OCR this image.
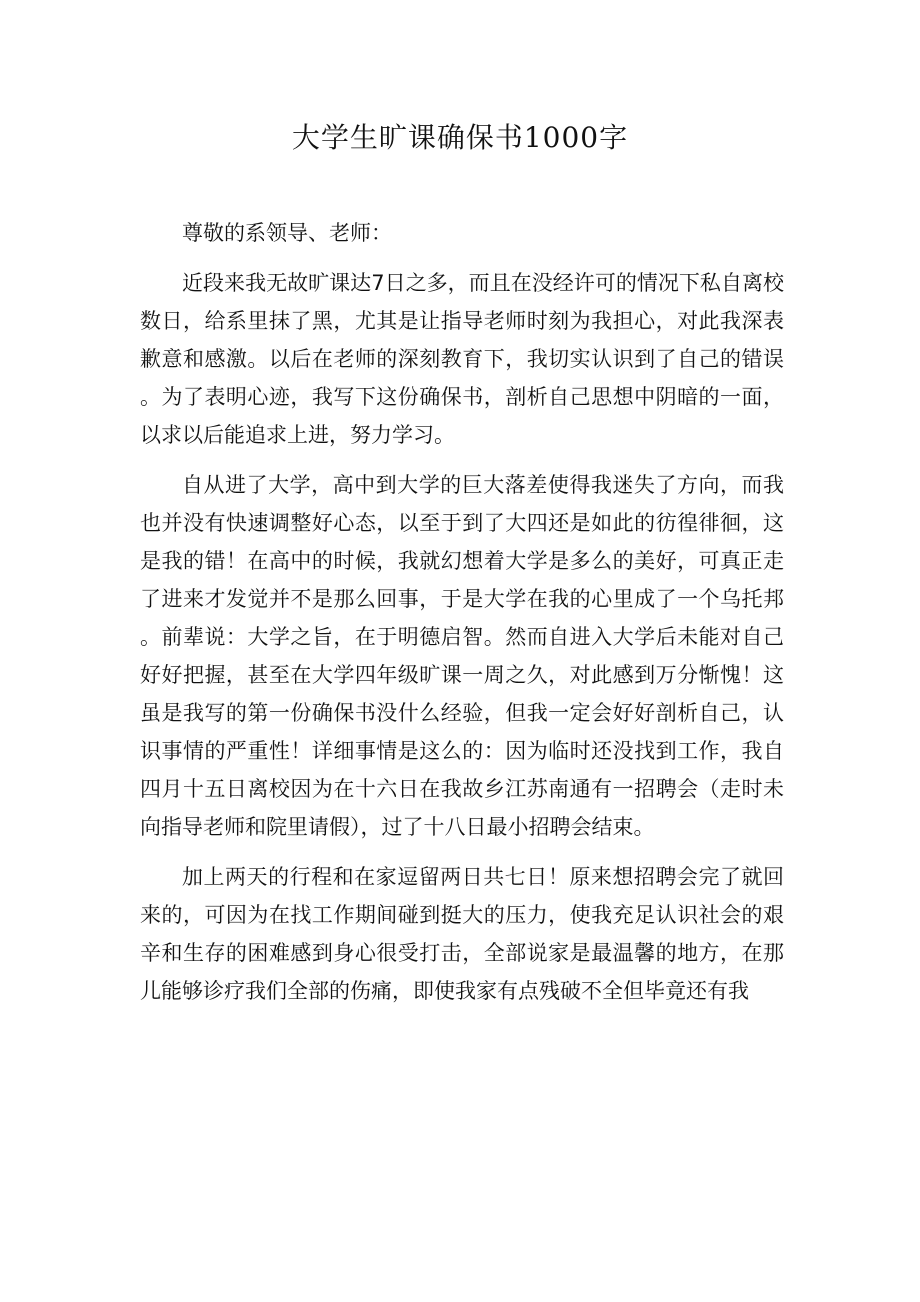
大学生旷课确保书1000字

尊敬的系领导、老师：

近段来我无故旷课达7日之多，而且在没经许可的情况下私自离校数日，给系里抹了黑，尤其是让指导老师时刻为我担心，对此我深表歉意和感激。以后在老师的深刻教育下，我切实认识到了自己的错误。为了表明心迹，我写下这份确保书，剖析自己思想中阴暗的一面，以求以后能追求上进，努力学习。

自从进了大学，高中到大学的巨大落差使得我迷失了方向，而我也并没有快速调整好心态，以至于到了大四还是如此的彷徨徘徊，这是我的错！在高中的时候，我就幻想着大学是多么的美好，可真正走了进来才发觉并不是那么回事，于是大学在我的心里成了一个乌托邦。前辈说：大学之旨，在于明德启智。然而自进入大学后未能对自己好好把握，甚至在大学四年级旷课一周之久，对此感到万分惭愧！这虽是我写的第一份确保书没什么经验，但我一定会好好剖析自己，认识事情的严重性！详细事情是这么的：因为临时还没找到工作，我自四月十五日离校因为在十六日在我故乡江苏南通有一招聘会（走时未向指导老师和院里请假），过了十八日最小招聘会结束。

加上两天的行程和在家逗留两日共七日！原来想招聘会完了就回来的，可因为在找工作期间碰到挺大的压力，使我充足认识社会的艰辛和生存的困难感到身心很受打击，全部说家是最温馨的地方，在那儿能够诊疗我们全部的伤痛，即使我家有点残破不全但毕竟还有我
